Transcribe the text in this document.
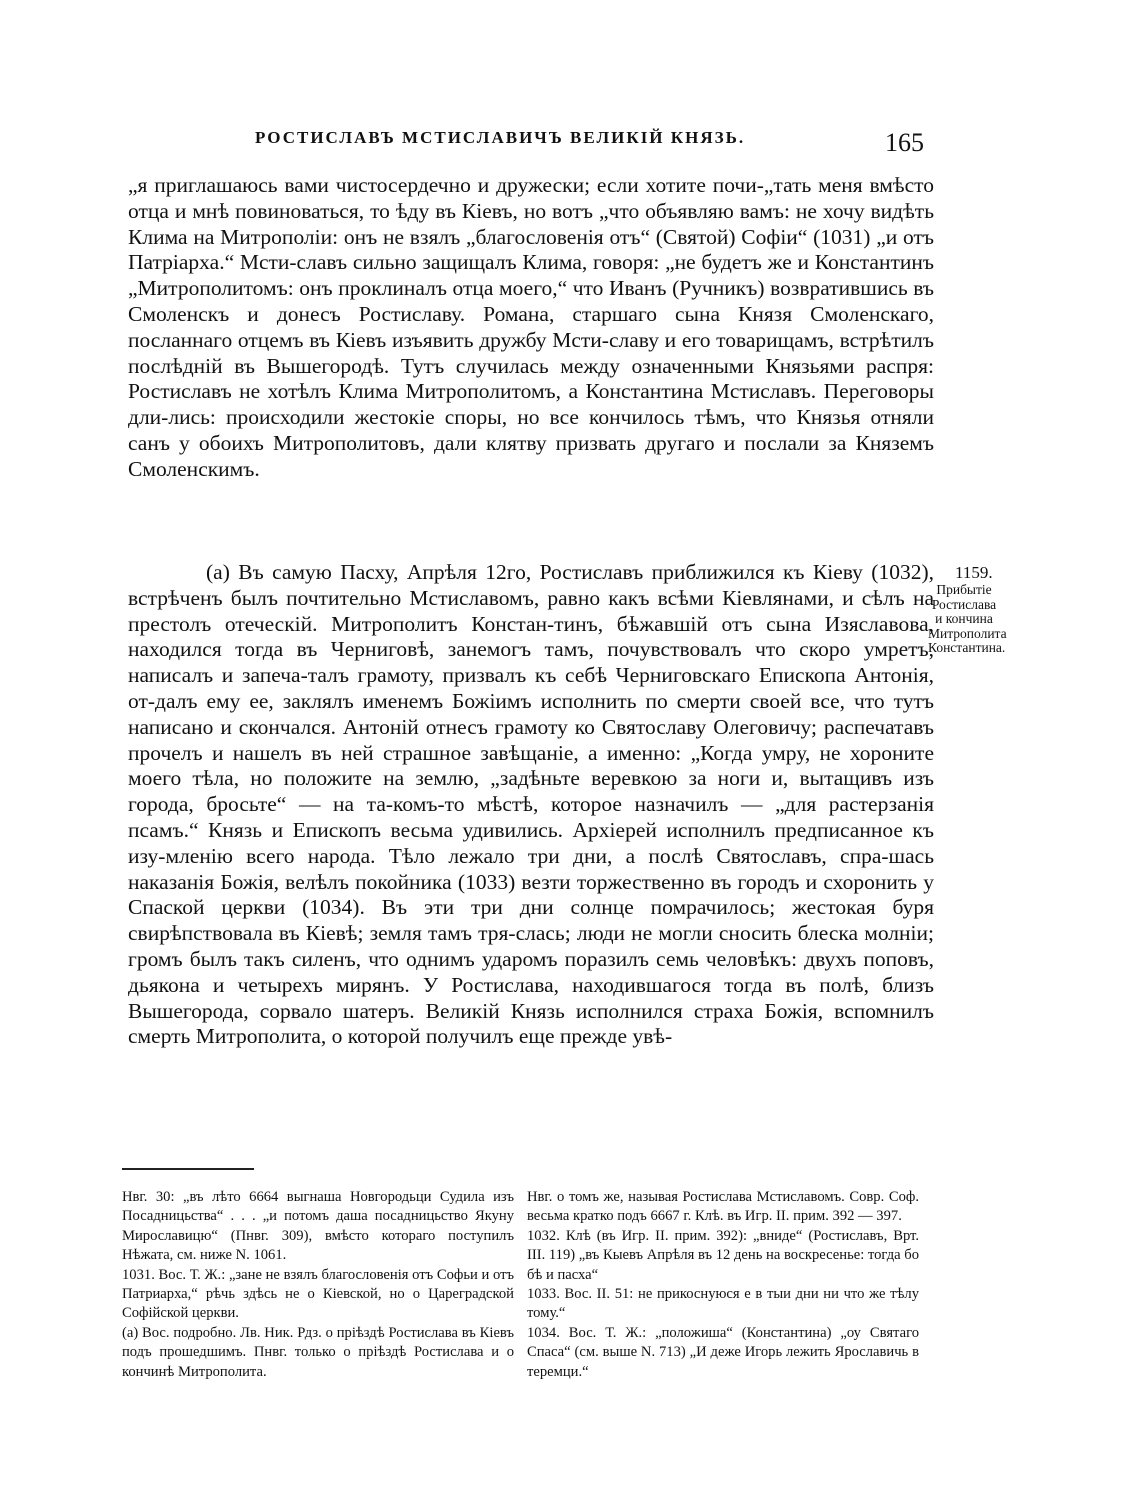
РОСТИСЛАВЪ МСТИСЛАВИЧЪ ВЕЛИКІЙ КНЯЗЬ.	165
„я приглашаюсь вами чистосердечно и дружески; если хотите почи-„тать меня вмѣсто отца и мнѣ повиноваться, то ѣду въ Кіевъ, но вотъ „что объявляю вамъ: не хочу видѣть Клима на Митрополіи: онъ не взялъ „благословенія отъ“ (Святой) Софіи“ (1031) „и отъ Патріарха.“ Мсти-славъ сильно защищалъ Клима, говоря: „не будетъ же и Константинъ „Митрополитомъ: онъ проклиналъ отца моего,“ что Иванъ (Ручникъ) возвратившись въ Смоленскъ и донесъ Ростиславу. Романа, старшаго сына Князя Смоленскаго, посланнаго отцемъ въ Кіевъ изъявить дружбу Мсти-славу и его товарищамъ, встрѣтилъ послѣдній въ Вышегородѣ. Тутъ случилась между означенными Князьями распря: Ростиславъ не хотѣлъ Клима Митрополитомъ, а Константина Мстиславъ. Переговоры дли-лись: происходили жестокіе споры, но все кончилось тѣмъ, что Князья отняли санъ у обоихъ Митрополитовъ, дали клятву призвать другаго и послали за Княземъ Смоленскимъ.
(а) Въ самую Пасху, Апрѣля 12го, Ростиславъ приближился къ Кіеву (1032), встрѣченъ былъ почтительно Мстиславомъ, равно какъ всѣми Кіевлянами, и сѣлъ на престолъ отеческій. Митрополитъ Констан-тинъ, бѣжавшій отъ сына Изяславова, находился тогда въ Черниговѣ, занемогъ тамъ, почувствовалъ что скоро умретъ, написалъ и запеча-талъ грамоту, призвалъ къ себѣ Черниговскаго Епископа Антонія, от-далъ ему ее, заклялъ именемъ Божіимъ исполнить по смерти своей все, что тутъ написано и скончался. Антоній отнесъ грамоту ко Святославу Олеговичу; распечатавъ прочелъ и нашелъ въ ней страшное завѣщаніе, а именно: „Когда умру, не хороните моего тѣла, но положите на землю, „задѣньте веревкою за ноги и, вытащивъ изъ города, бросьте“ — на та-комъ-то мѣстѣ, которое назначилъ — „для растерзанія псамъ.“ Князь и Епископъ весьма удивились. Архіерей исполнилъ предписанное къ изу-мленію всего народа. Тѣло лежало три дни, а послѣ Святославъ, спра-шась наказанія Божія, велѣлъ покойника (1033) везти торжественно въ городъ и схоронить у Спаской церкви (1034). Въ эти три дни солнце помрачилось; жестокая буря свирѣпствовала въ Кіевѣ; земля тамъ тря-слась; люди не могли сносить блеска молніи; громъ былъ такъ силенъ, что однимъ ударомъ поразилъ семь человѣкъ: двухъ поповъ, дьякона и четырехъ мирянъ. У Ростислава, находившагося тогда въ полѣ, близъ Вышегорода, сорвало шатеръ. Великій Князь исполнился страха Божія, вспомнилъ смерть Митрополита, о которой получилъ еще прежде увѣ-
1159.
Прибытіе Ростислава и кончина Митрополита Константина.

Нвг. 30: „въ лѣто 6664 выгнаша Новгородьци Судила изъ Посадницьства“ . . . „и потомъ даша посадницьство Якуну Мирославицю“ (Пнвг. 309), вмѣсто котораго поступилъ Нѣжата, см. ниже N. 1061.

1031. Вос. Т. Ж.: „зане не взялъ благословенія отъ Софьи и отъ Патриарха,“ рѣчь здѣсь не о Кіевской, но о Цареградской Софійской церкви.

(а) Вос. подробно. Лв. Ник. Рдз. о пріѣздѣ Ростислава въ Кіевъ подъ прошедшимъ. Пнвг. только о пріѣздѣ Ростислава и о кончинѣ Митрополита.

Нвг. о томъ же, называя Ростислава Мстиславомъ. Совр. Соф. весьма кратко подъ 6667 г. Клѣ. въ Игр. II. прим. 392 — 397.

1032. Клѣ (въ Игр. II. прим. 392): „вниде“ (Ростиславъ, Врт. III. 119) „въ Кыевъ Апрѣля въ 12 день на воскресенье: тогда бо бѣ и пасха“

1033. Вос. II. 51: не прикоснуюся е в тыи дни ни что же тѣлу тому.“

1034. Вос. Т. Ж.: „положиша“ (Константина) „оу Святаго Спаса“ (см. выше N. 713) „И деже Игорь лежить Ярославичь в теремци.“
